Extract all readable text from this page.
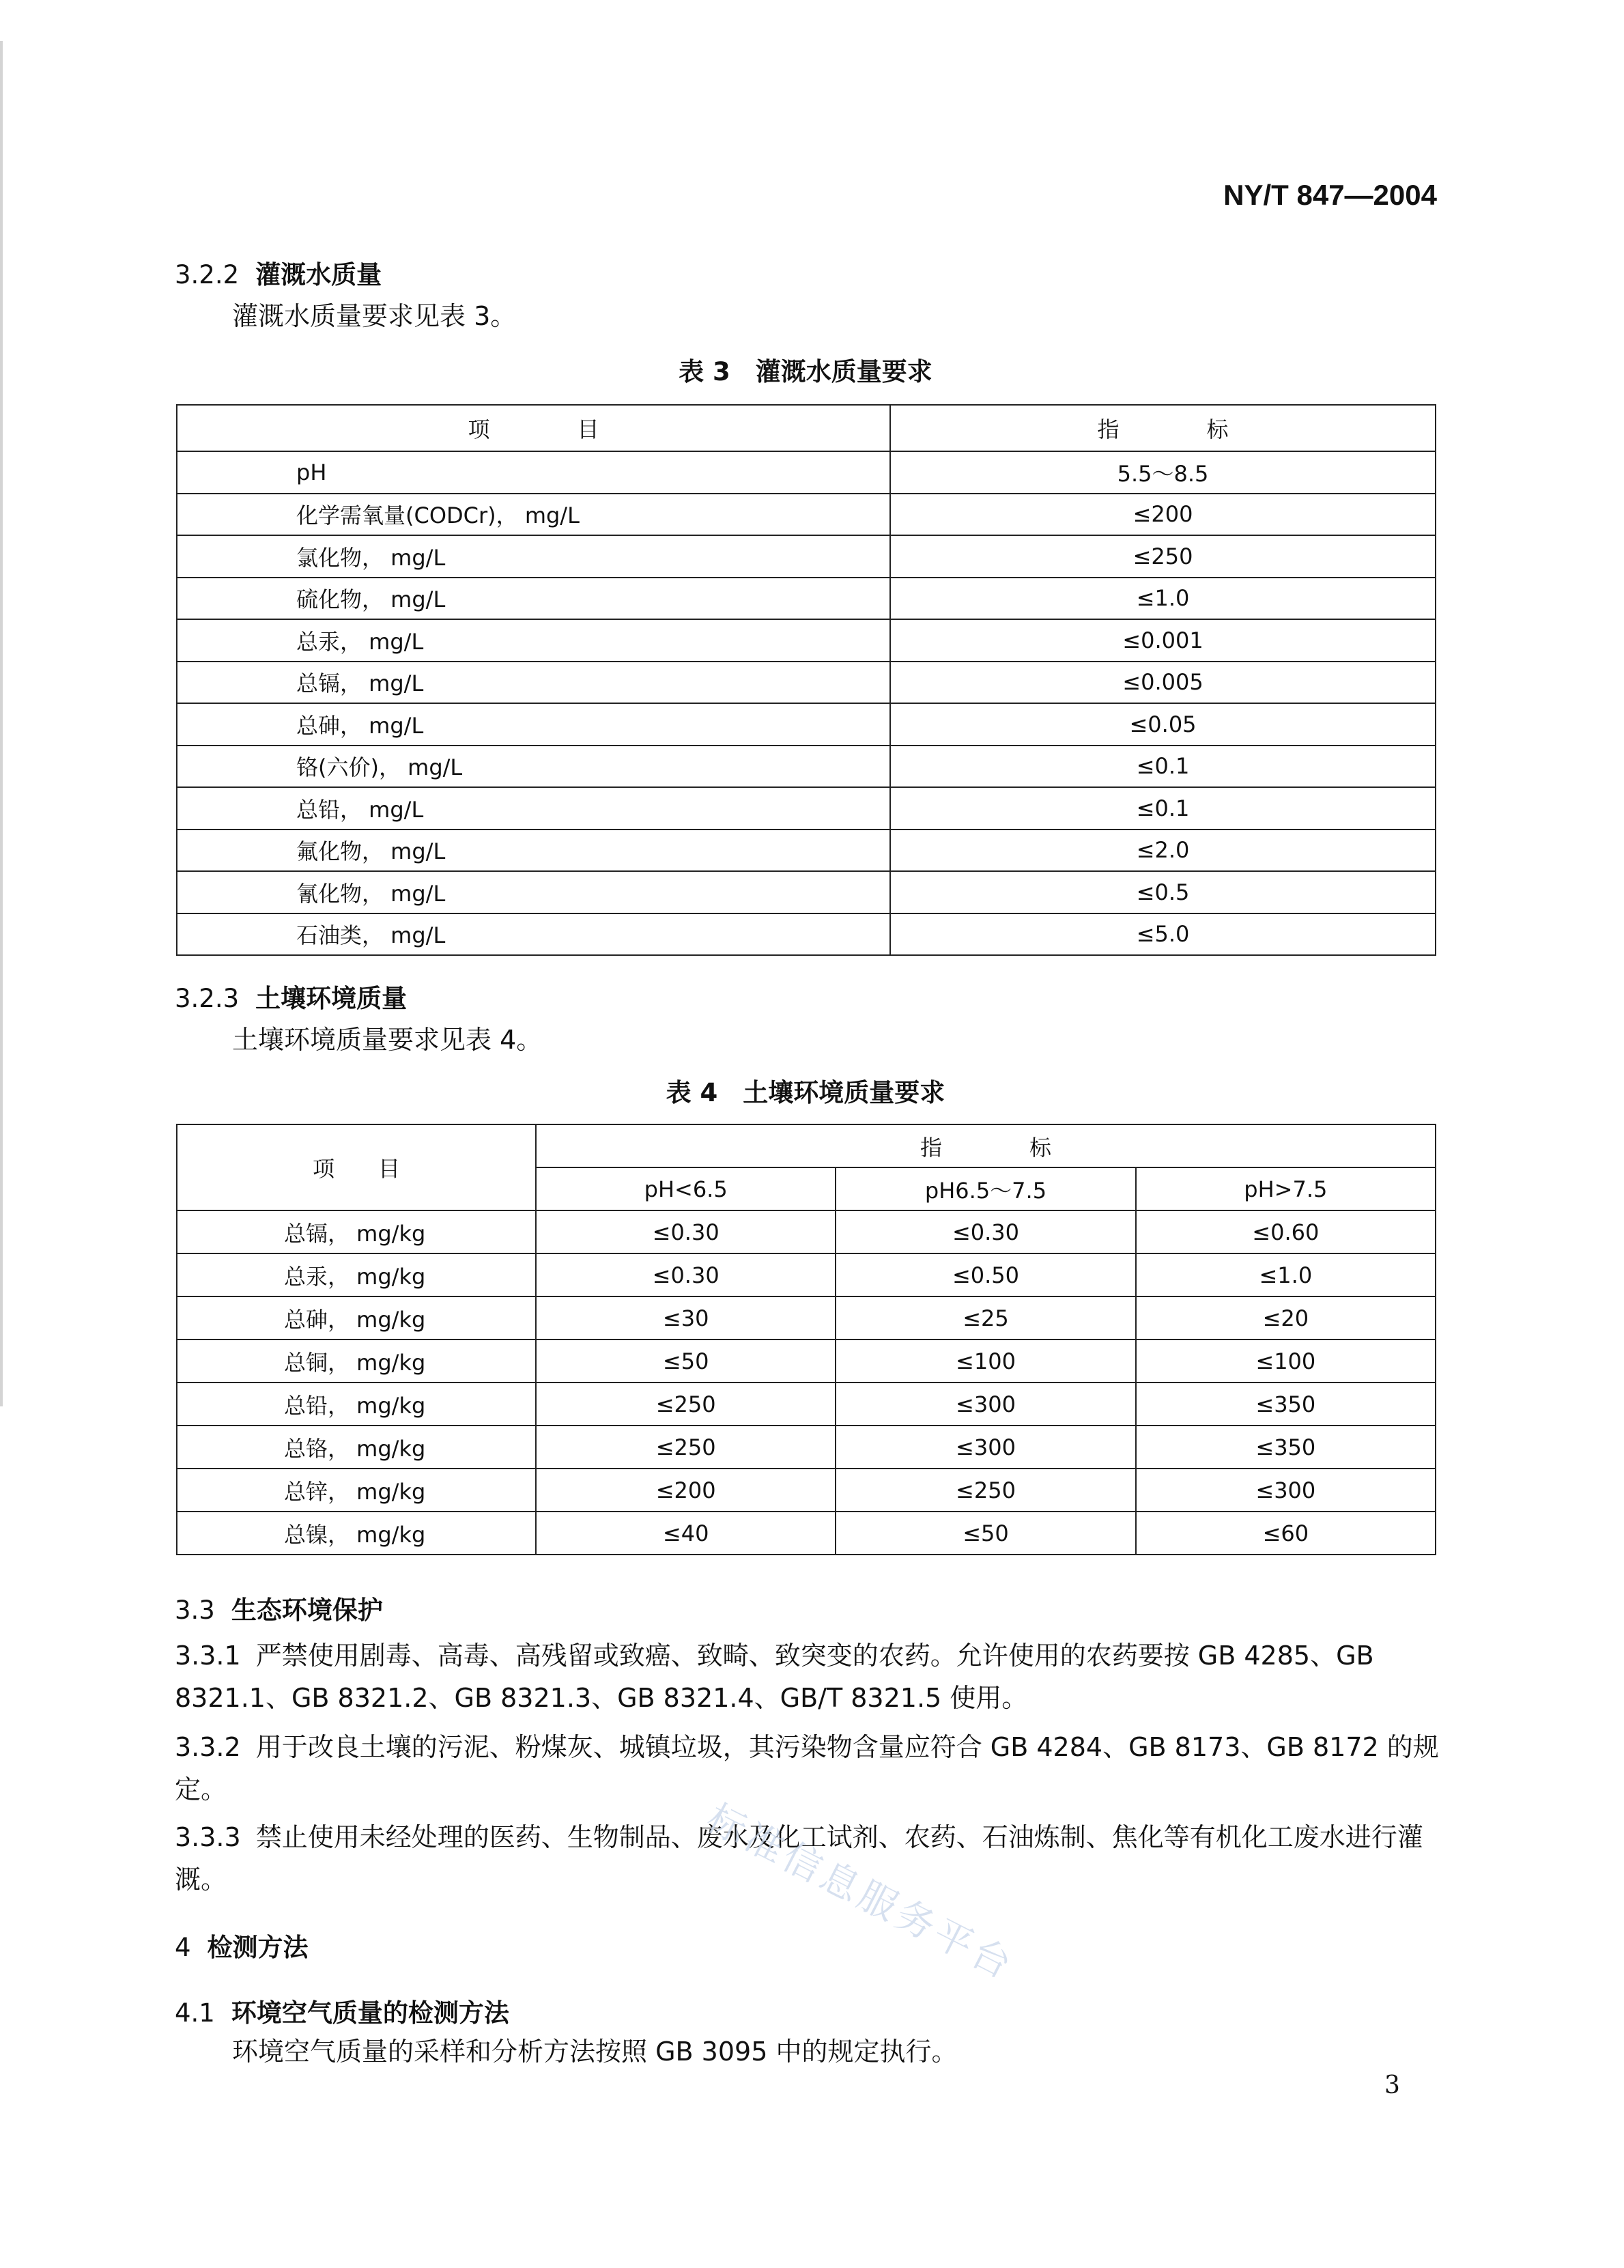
NY/T 847—2004
3.2.2 灌溉水质量
灌溉水质量要求见表 3。
表 3　灌溉水质量要求
项　　　　目	指　　　　标
pH	5.5～8.5
化学需氧量(CODCr)， mg/L	≤200
氯化物， mg/L	≤250
硫化物， mg/L	≤1.0
总汞， mg/L	≤0.001
总镉， mg/L	≤0.005
总砷， mg/L	≤0.05
铬(六价)， mg/L	≤0.1
总铅， mg/L	≤0.1
氟化物， mg/L	≤2.0
氰化物， mg/L	≤0.5
石油类， mg/L	≤5.0
3.2.3 土壤环境质量
土壤环境质量要求见表 4。
表 4　土壤环境质量要求
项　　目	指　　　　标		
	pH<6.5	pH6.5～7.5	pH>7.5
总镉， mg/kg	≤0.30	≤0.30	≤0.60
总汞， mg/kg	≤0.30	≤0.50	≤1.0
总砷， mg/kg	≤30	≤25	≤20
总铜， mg/kg	≤50	≤100	≤100
总铅， mg/kg	≤250	≤300	≤350
总铬， mg/kg	≤250	≤300	≤350
总锌， mg/kg	≤200	≤250	≤300
总镍， mg/kg	≤40	≤50	≤60
3.3 生态环境保护
3.3.1 严禁使用剧毒、高毒、高残留或致癌、致畸、致突变的农药。允许使用的农药要按 GB 4285、GB 8321.1、GB 8321.2、GB 8321.3、GB 8321.4、GB/T 8321.5 使用。
3.3.2 用于改良土壤的污泥、粉煤灰、城镇垃圾，其污染物含量应符合 GB 4284、GB 8173、GB 8172 的规定。
3.3.3 禁止使用未经处理的医药、生物制品、废水及化工试剂、农药、石油炼制、焦化等有机化工废水进行灌溉。
4 检测方法
4.1 环境空气质量的检测方法
环境空气质量的采样和分析方法按照 GB 3095 中的规定执行。
标准信息服务平台
3
